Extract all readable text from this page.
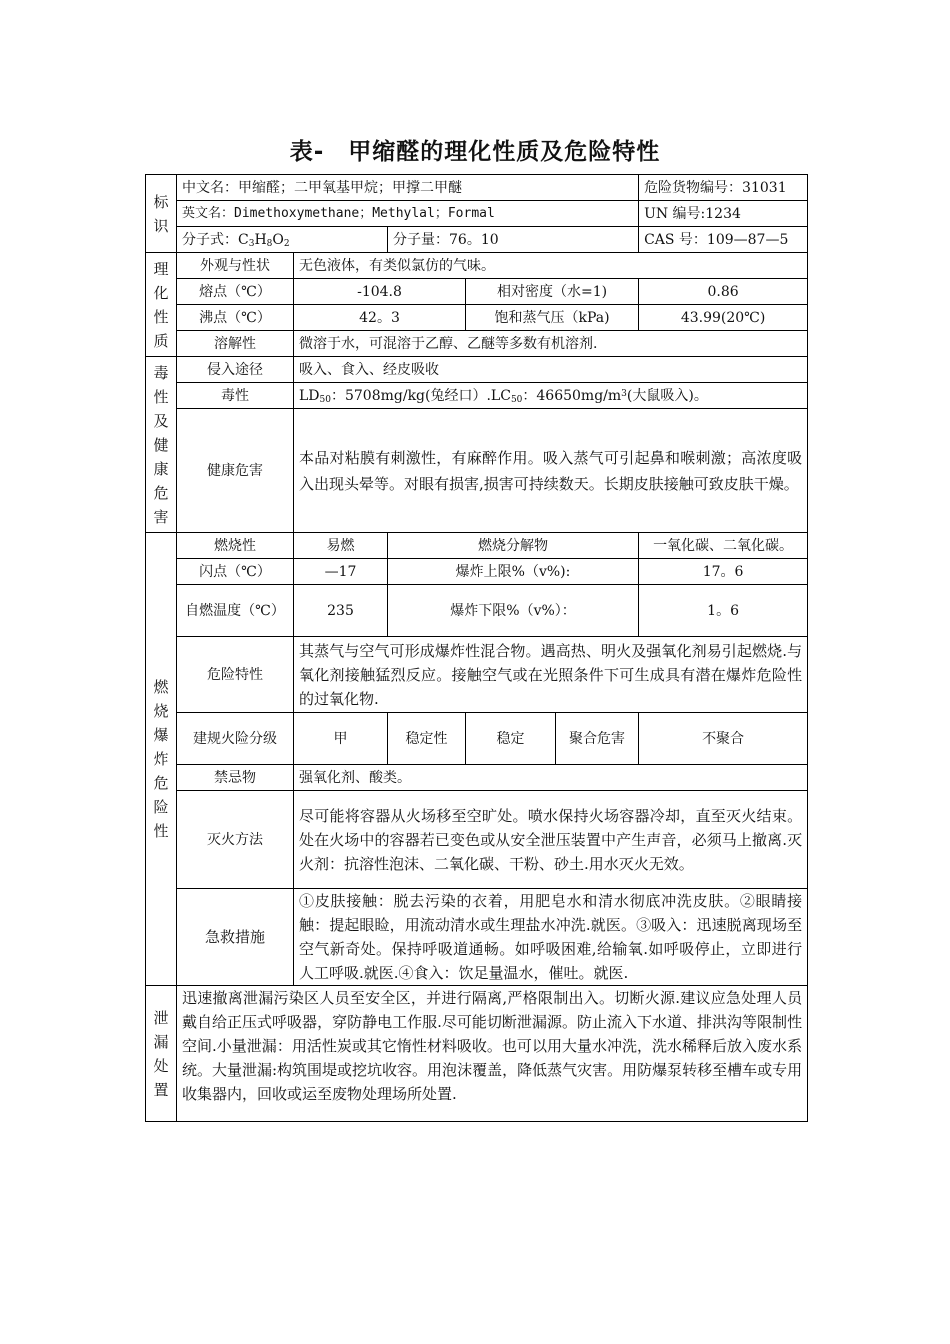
表-　甲缩醛的理化性质及危险特性
标识	中文名：甲缩醛；二甲氧基甲烷；甲撑二甲醚					危险货物编号：31031
	英文名：Dimethoxymethane；Methylal；Formal					UN 编号:1234
	分子式：$C_3H_8O_2$		分子量：76。10			CAS 号：109—87—5
理化性质	外观与性状	无色液体，有类似氯仿的气味。				
	熔点（℃）	-104.8		相对密度（水=1)		0.86
	沸点（℃）	42。3		饱和蒸气压（kPa)		43.99(20℃)
	溶解性	微溶于水，可混溶于乙醇、乙醚等多数有机溶剂.				
毒性及健康危害	侵入途径	吸入、食入、经皮吸收				
	毒性	$LD_{50}$：5708mg/kg(兔经口）$.LC_{50}$：$46650mg/m^3$(大鼠吸入)。				
	健康危害	本品对粘膜有刺激性，有麻醉作用。吸入蒸气可引起鼻和喉刺激；高浓度吸入出现头晕等。对眼有损害,损害可持续数天。长期皮肤接触可致皮肤干燥。				
燃烧爆炸危险性	燃烧性	易燃	燃烧分解物			一氧化碳、二氧化碳。
	闪点（℃）	—17	爆炸上限%（v%):			17。6
	自燃温度（℃）	235	爆炸下限%（v%）：			1。6
	危险特性	其蒸气与空气可形成爆炸性混合物。遇高热、明火及强氧化剂易引起燃烧.与氧化剂接触猛烈反应。接触空气或在光照条件下可生成具有潜在爆炸危险性的过氧化物.				
	建规火险分级	甲	稳定性	稳定	聚合危害	不聚合
	禁忌物	强氧化剂、酸类。				
	灭火方法	尽可能将容器从火场移至空旷处。喷水保持火场容器冷却，直至灭火结束。处在火场中的容器若已变色或从安全泄压装置中产生声音，必须马上撤离.灭火剂：抗溶性泡沫、二氧化碳、干粉、砂土.用水灭火无效。				
	急救措施	①皮肤接触：脱去污染的衣着，用肥皂水和清水彻底冲洗皮肤。②眼睛接触：提起眼睑，用流动清水或生理盐水冲洗.就医。③吸入：迅速脱离现场至空气新奇处。保持呼吸道通畅。如呼吸困难,给输氧.如呼吸停止，立即进行人工呼吸.就医.④食入：饮足量温水，催吐。就医.				
泄漏处置	迅速撤离泄漏污染区人员至安全区，并进行隔离,严格限制出入。切断火源.建议应急处理人员戴自给正压式呼吸器，穿防静电工作服.尽可能切断泄漏源。防止流入下水道、排洪沟等限制性空间.小量泄漏：用活性炭或其它惰性材料吸收。也可以用大量水冲洗，洗水稀释后放入废水系统。大量泄漏:构筑围堤或挖坑收容。用泡沫覆盖，降低蒸气灾害。用防爆泵转移至槽车或专用收集器内，回收或运至废物处理场所处置.					
